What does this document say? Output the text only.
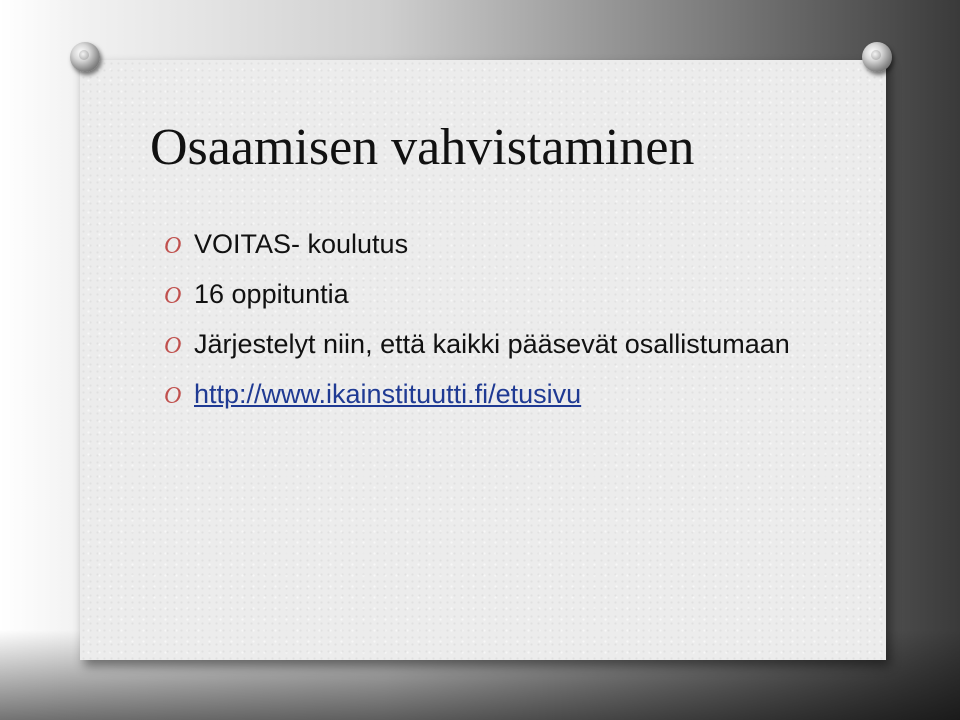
Osaamisen vahvistaminen
O VOITAS- koulutus
O 16 oppituntia
O Järjestelyt niin, että kaikki pääsevät osallistumaan
O http://www.ikainstituutti.fi/etusivu
